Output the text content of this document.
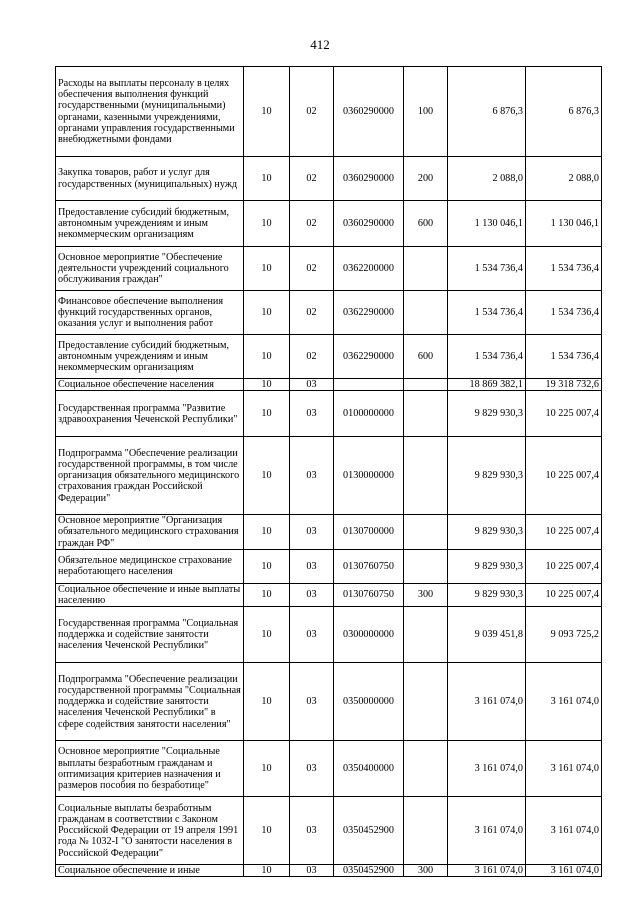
412
Расходы на выплаты персоналу в целях обеспечения выполнения функций государственными (муниципальными) органами, казенными учреждениями, органами управления государственными внебюджетными фондами	10	02	0360290000	100	6 876,3	6 876,3
Закупка товаров, работ и услуг для государственных (муниципальных) нужд	10	02	0360290000	200	2 088,0	2 088,0
Предоставление субсидий бюджетным, автономным учреждениям и иным некоммерческим организациям	10	02	0360290000	600	1 130 046,1	1 130 046,1
Основное мероприятие "Обеспечение деятельности учреждений социального обслуживания граждан"	10	02	0362200000		1 534 736,4	1 534 736,4
Финансовое обеспечение выполнения функций государственных органов, оказания услуг и выполнения работ	10	02	0362290000		1 534 736,4	1 534 736,4
Предоставление субсидий бюджетным, автономным учреждениям и иным некоммерческим организациям	10	02	0362290000	600	1 534 736,4	1 534 736,4
Социальное обеспечение населения	10	03			18 869 382,1	19 318 732,6
Государственная программа "Развитие здравоохранения Чеченской Республики"	10	03	0100000000		9 829 930,3	10 225 007,4
Подпрограмма "Обеспечение реализации государственной программы, в том числе организация обязательного медицинского страхования граждан Российской Федерации"	10	03	0130000000		9 829 930,3	10 225 007,4
Основное мероприятие "Организация обязательного медицинского страхования граждан РФ"	10	03	0130700000		9 829 930,3	10 225 007,4
Обязательное медицинское страхование неработающего населения	10	03	0130760750		9 829 930,3	10 225 007,4
Социальное обеспечение и иные выплаты населению	10	03	0130760750	300	9 829 930,3	10 225 007,4
Государственная программа "Социальная поддержка и содействие занятости населения Чеченской Республики"	10	03	0300000000		9 039 451,8	9 093 725,2
Подпрограмма "Обеспечение реализации государственной программы "Социальная поддержка и содействие занятости населения Чеченской Республики" в сфере содействия занятости населения"	10	03	0350000000		3 161 074,0	3 161 074,0
Основное мероприятие "Социальные выплаты безработным гражданам и оптимизация критериев назначения и размеров пособия по безработице"	10	03	0350400000		3 161 074,0	3 161 074,0
Социальные выплаты безработным гражданам в соответствии с Законом Российской Федерации от 19 апреля 1991 года № 1032-I "О занятости населения в Российской Федерации"	10	03	0350452900		3 161 074,0	3 161 074,0
Социальное обеспечение и иные	10	03	0350452900	300	3 161 074,0	3 161 074,0
